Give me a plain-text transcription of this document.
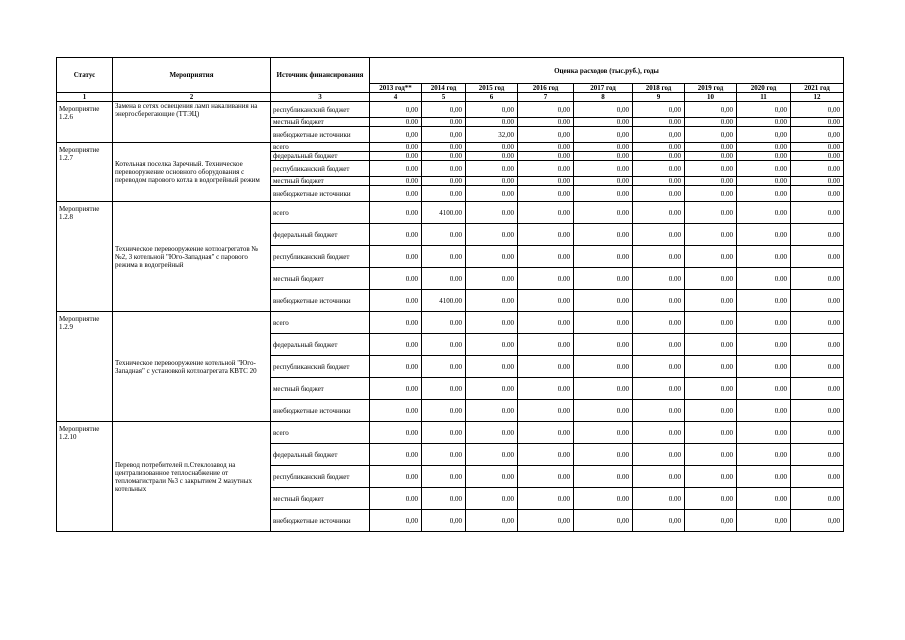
Статус	Мероприятия	Источник финансирования	Оценка расходов (тыс.руб.), годы								
			2013 год**	2014 год	2015 год	2016 год	2017 год	2018 год	2019 год	2020 год	2021 год
1	2	3	4	5	6	7	8	9	10	11	12
Мероприятие 1.2.6	Замена в сетях освещения ламп накаливания на энергосберегающие (ТТЭЦ)	республиканский бюджет	0,00	0,00	0,00	0,00	0,00	0,00	0,00	0,00	0,00
		местный бюджет	0.00	0.00	0.00	0.00	0.00	0.00	0.00	0.00	0.00
		внебюджетные источники	0,00	0,00	32,00	0,00	0,00	0,00	0,00	0,00	0,00
Мероприятие 1.2.7	Котельная поселка Заречный. Техническое перевооружение основного оборудования с переводом парового котла в водогрейный режим	всего	0.00	0.00	0.00	0.00	0.00	0.00	0.00	0.00	0.00
		федеральный бюджет	0.00	0.00	0.00	0.00	0.00	0.00	0.00	0.00	0.00
		республиканский бюджет	0.00	0.00	0.00	0.00	0.00	0.00	0.00	0.00	0.00
		местный бюджет	0.00	0.00	0.00	0.00	0.00	0.00	0.00	0.00	0.00
		внебюджетные источники	0.00	0.00	0.00	0.00	0.00	0.00	0.00	0.00	0.00
Мероприятие 1.2.8	Техническое перевооружение котлоагрегатов №№2, 3 котельной "Юго-Западная" с парового режима в водогрейный	всего	0.00	4100.00	0.00	0.00	0.00	0.00	0.00	0.00	0.00
		федеральный бюджет	0.00	0.00	0.00	0.00	0.00	0.00	0.00	0.00	0.00
		республиканский бюджет	0.00	0.00	0.00	0.00	0.00	0.00	0.00	0.00	0.00
		местный бюджет	0.00	0.00	0.00	0.00	0.00	0.00	0.00	0.00	0.00
		внебюджетные источники	0.00	4100.00	0.00	0.00	0.00	0.00	0.00	0.00	0.00
Мероприятие 1.2.9	Техническое перевооружение котельной "Юго-Западная" с установкой котлоагрегата КВТС 20	всего	0.00	0.00	0.00	0.00	0.00	0.00	0.00	0.00	0.00
		федеральный бюджет	0.00	0.00	0.00	0.00	0.00	0.00	0.00	0.00	0.00
		республиканский бюджет	0.00	0.00	0.00	0.00	0.00	0.00	0.00	0.00	0.00
		местный бюджет	0.00	0.00	0.00	0.00	0.00	0.00	0.00	0.00	0.00
		внебюджетные источники	0.00	0.00	0.00	0.00	0.00	0.00	0.00	0.00	0.00
Мероприятие 1.2.10	Перевод потребителей п.Стеклозавод на централизованное теплоснабжение от тепломагистрали №3 с закрытием 2 мазутных котельных	всего	0.00	0.00	0.00	0.00	0.00	0.00	0.00	0.00	0.00
		федеральный бюджет	0.00	0.00	0.00	0.00	0.00	0.00	0.00	0.00	0.00
		республиканский бюджет	0.00	0.00	0.00	0.00	0.00	0.00	0.00	0.00	0.00
		местный бюджет	0.00	0.00	0.00	0.00	0.00	0.00	0.00	0.00	0.00
		внебюджетные источники	0,00	0,00	0,00	0,00	0,00	0,00	0,00	0,00	0,00
